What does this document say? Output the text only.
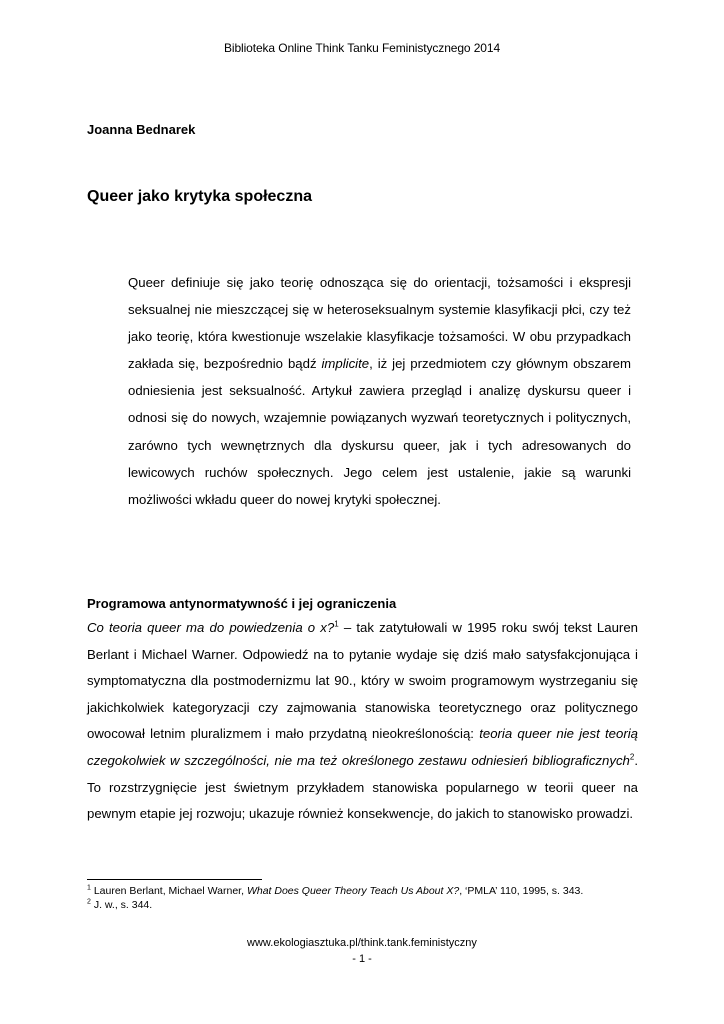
Biblioteka Online Think Tanku Feministycznego 2014
Joanna Bednarek
Queer jako krytyka społeczna

Queer definiuje się jako teorię odnosząca się do orientacji, tożsamości i ekspresji seksualnej nie mieszczącej się w heteroseksualnym systemie klasyfikacji płci, czy też jako teorię, która kwestionuje wszelakie klasyfikacje tożsamości. W obu przypadkach zakłada się, bezpośrednio bądź implicite, iż jej przedmiotem czy głównym obszarem odniesienia jest seksualność. Artykuł zawiera przegląd i analizę dyskursu queer i odnosi się do nowych, wzajemnie powiązanych wyzwań teoretycznych i politycznych, zarówno tych wewnętrznych dla dyskursu queer, jak i tych adresowanych do lewicowych ruchów społecznych. Jego celem jest ustalenie, jakie są warunki możliwości wkładu queer do nowej krytyki społecznej.

Programowa antynormatywność i jej ograniczenia

Co teoria queer ma do powiedzenia o x?$^1$ – tak zatytułowali w 1995 roku swój tekst Lauren Berlant i Michael Warner. Odpowiedź na to pytanie wydaje się dziś mało satysfakcjonująca i symptomatyczna dla postmodernizmu lat 90., który w swoim programowym wystrzeganiu się jakichkolwiek kategoryzacji czy zajmowania stanowiska teoretycznego oraz politycznego owocował letnim pluralizmem i mało przydatną nieokreślonością: teoria queer nie jest teorią czegokolwiek w szczególności, nie ma też określonego zestawu odniesień bibliograficznych$^2$. To rozstrzygnięcie jest świetnym przykładem stanowiska popularnego w teorii queer na pewnym etapie jej rozwoju; ukazuje również konsekwencje, do jakich to stanowisko prowadzi.

$^1$ Lauren Berlant, Michael Warner, What Does Queer Theory Teach Us About X?, ‘PMLA’ 110, 1995, s. 343.
$^2$ J. w., s. 344.
www.ekologiasztuka.pl/think.tank.feministyczny
- 1 -
